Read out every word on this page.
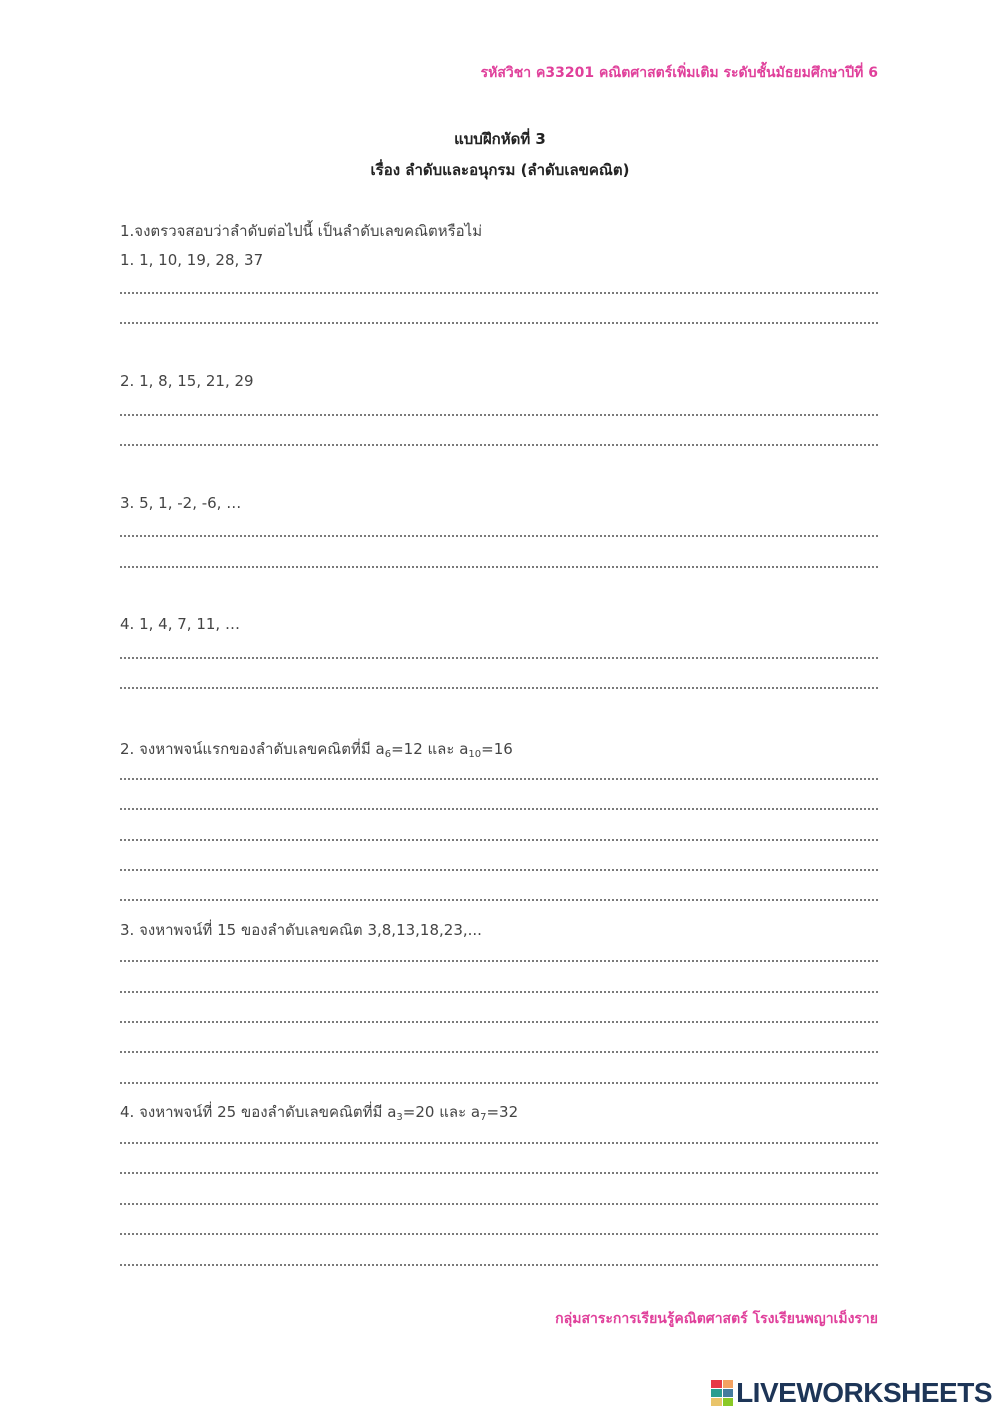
รหัสวิชา ค33201 คณิตศาสตร์เพิ่มเติม ระดับชั้นมัธยมศึกษาปีที่ 6
แบบฝึกหัดที่ 3
เรื่อง ลำดับและอนุกรม (ลำดับเลขคณิต)
1.จงตรวจสอบว่าลำดับต่อไปนี้ เป็นลำดับเลขคณิตหรือไม่
1. 1, 10, 19, 28, 37
2. 1, 8, 15, 21, 29
3. 5, 1, -2, -6, …
4. 1, 4, 7, 11, …
2. จงหาพจน์แรกของลำดับเลขคณิตที่มี $a_6=12$ และ $a_{10}=16$
3. จงหาพจน์ที่ 15 ของลำดับเลขคณิต 3,8,13,18,23,...
4. จงหาพจน์ที่ 25 ของลำดับเลขคณิตที่มี $a_3=20$ และ $a_7=32$
กลุ่มสาระการเรียนรู้คณิตศาสตร์ โรงเรียนพญาเม็งราย
LIVEWORKSHEETS
